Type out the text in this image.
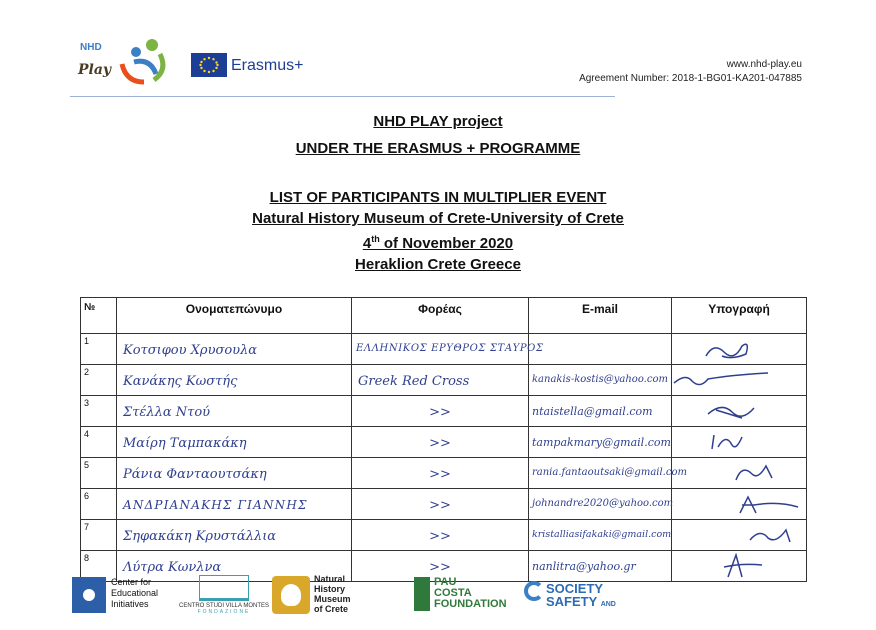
NHD
Play	Erasmus+	www.nhd-play.eu
Agreement Number: 2018-1-BG01-KA201-047885
NHD PLAY project
UNDER THE ERASMUS + PROGRAMME
LIST OF PARTICIPANTS IN MULTIPLIER EVENT
Natural History Museum of Crete-University of Crete
4th of November 2020
Heraklion Crete Greece
№	Ονοματεπώνυμο	Φορέας	E-mail	Υπογραφή
1	Κοτσιφου Χρυσουλα	ΕΛΛΗΝΙΚΟΣ ΕΡΥΘΡΟΣ ΣΤΑΥΡΟΣ

2	Κανάκης Κωστής	Greek Red Cross	kanakis-kostis@yahoo.com

3	Στέλλα Ντού	>>	ntaistella@gmail.com

4	Μαίρη Ταμπακάκη	>>	tampakmary@gmail.com

5	Ράνια Φανταουτσάκη	>>	rania.fantaoutsaki@gmail.com

6	ΑΝΔΡΙΑΝΑΚΗΣ ΓΙΑΝΝΗΣ	>>	johnandre2020@yahoo.com

7	Σηφακάκη Κρυστάλλια	>>	kristalliasifakaki@gmail.com

8	Λύτρα Κωνλνα	>>	nanlitra@yahoo.gr

Center for
Educational
Initiatives	CENTRO STUDI VILLA MONTES
FONDAZIONE
Natural
History
Museum
of Crete
PAU
COSTA
FOUNDATION
SOCIETY
SAFETY AND
